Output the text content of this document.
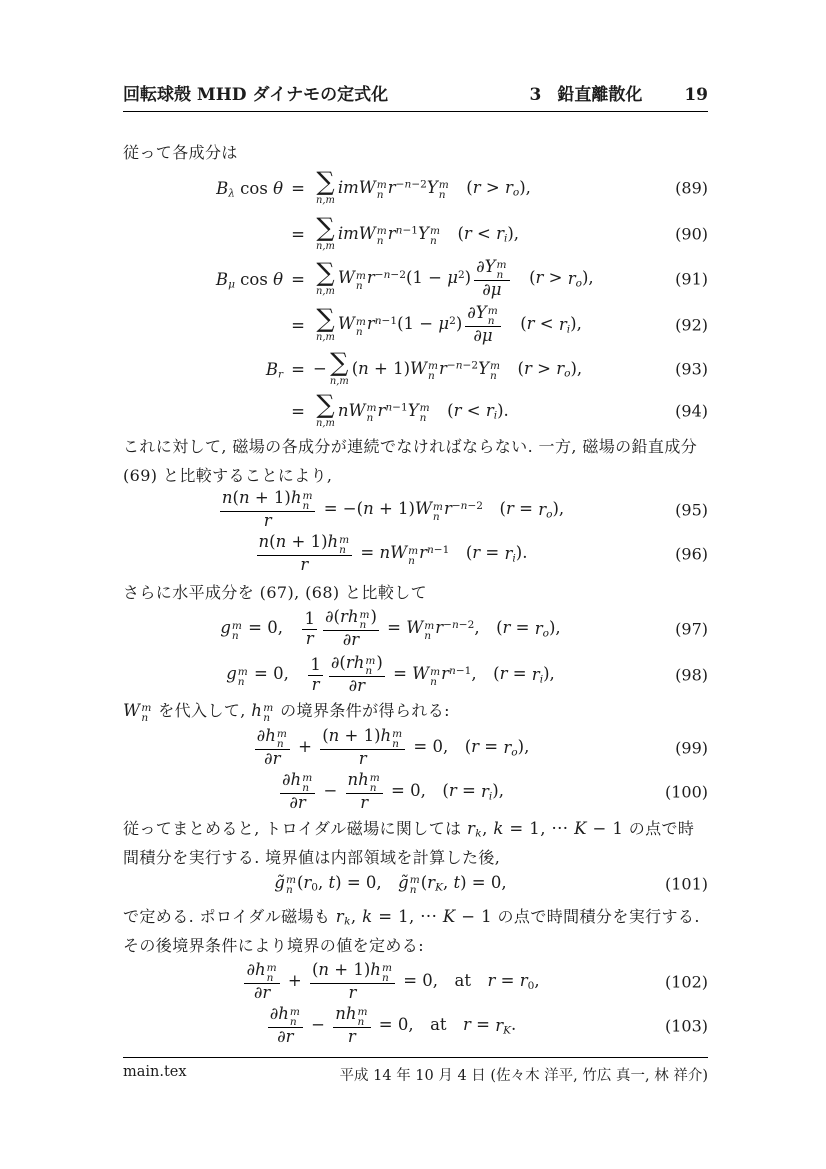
回転球殻 MHD ダイナモの定式化	3 鉛直離散化 19
従って各成分は
$B_\lambda$ cos θ = ∑
n,m
imW m
n $r^{-n-2}Y$ m
n  $(r > r_o)$,	(89)
= ∑
n,m
imW m
n $r^{n-1}Y$ m
n  $(r < r_i)$,	(90)
$B_\mu$ cos θ = ∑
n,m
W m
n $r^{-n-2}(1 - \mu^2)$ ∂Y m
n
∂μ  $(r > r_o)$,	(91)
= ∑
n,m
W m
n $r^{n-1}(1 - \mu^2)$ ∂Y m
n
∂μ  $(r < r_i)$,	(92)
$B_r$ = − ∑
n,m
(n + 1)W m
n $r^{-n-2}Y$ m
n  $(r > r_o)$,	(93)
= ∑
n,m
nW m
n $r^{n-1}Y$ m
n  $(r < r_i)$.	(94)
これに対して, 磁場の各成分が連続でなければならない. 一方, 磁場の鉛直成分 (69) と比較することにより,
n(n + 1)h m
n
r = −(n + 1)W m
n $r^{-n-2}$ $(r = r_o)$,	(95)
n(n + 1)h m
n
r = nW m
n $r^{n-1}$ $(r = r_i)$.	(96)
さらに水平成分を (67), (68) と比較して
g m
n = 0,  $\frac{1}{r} \partial(rh$ m
n )
∂r = W m
n $r^{-n-2}$, $(r = r_o)$,	(97)
g m
n = 0,  $\frac{1}{r} \partial(rh$ m
n )
∂r = W m
n $r^{n-1}$, $(r = r_i)$,	(98)
W m
n を代入して, h m
n の境界条件が得られる:
∂h m
n
∂r + (n + 1)h m
n
r = 0, $(r = r_o)$,	(99)
∂h m
n
∂r − nh m
n
r = 0, $(r = r_i)$,	(100)
従ってまとめると, トロイダル磁場に関しては $r_k$, k = 1, ··· K − 1 の点で時間積分を実行する. 境界値は内部領域を計算した後,
g̃ m
n ($r_0$, t) = 0, g̃ m
n ($r_K$, t) = 0,	(101)
で定める. ポロイダル磁場も $r_k$, k = 1, ··· K − 1 の点で時間積分を実行する. その後境界条件により境界の値を定める:
∂h m
n
∂r + (n + 1)h m
n
r = 0, at $r = r_0$,	(102)
∂h m
n
∂r − nh m
n
r = 0, at $r = r_K$.	(103)
main.tex	平成 14 年 10 月 4 日 (佐々木 洋平, 竹広 真一, 林 祥介)
